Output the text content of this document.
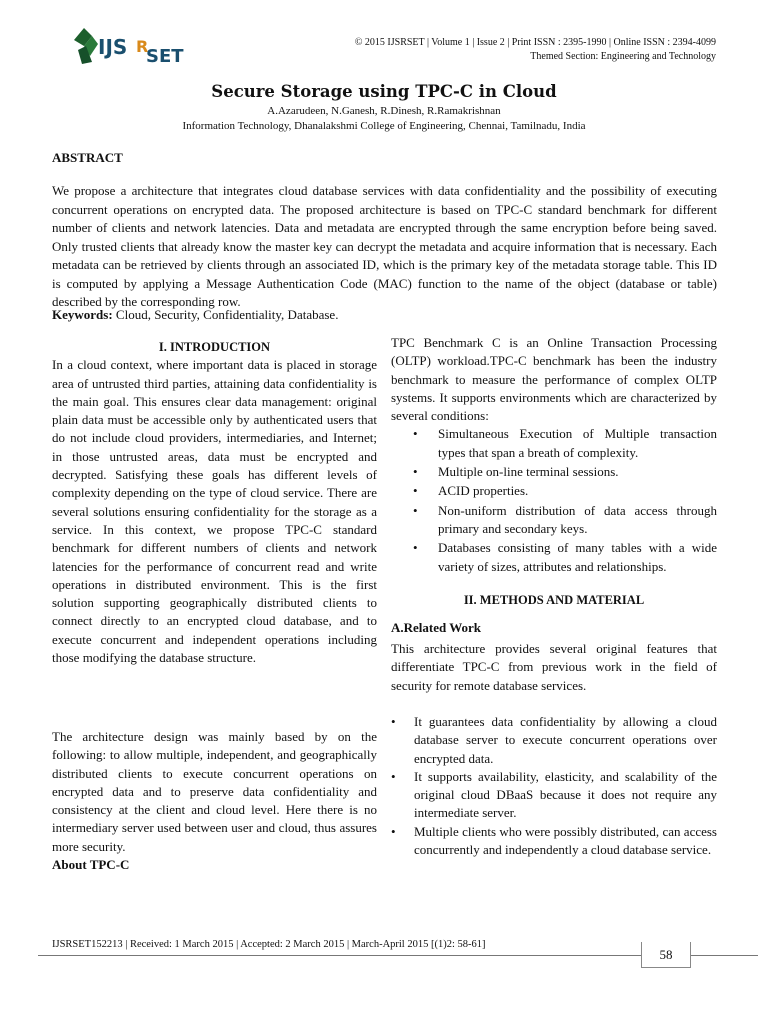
IJS R
SET
© 2015 IJSRSET | Volume 1 | Issue 2 | Print ISSN : 2395-1990 | Online ISSN : 2394-4099
Themed Section: Engineering and Technology
Secure Storage using TPC-C in Cloud
A.Azarudeen, N.Ganesh, R.Dinesh, R.Ramakrishnan
Information Technology, Dhanalakshmi College of Engineering, Chennai, Tamilnadu, India
ABSTRACT
We propose a architecture that integrates cloud database services with data confidentiality and the possibility of executing concurrent operations on encrypted data. The proposed architecture is based on TPC-C standard benchmark for different number of clients and network latencies. Data and metadata are encrypted through the same encryption before being saved. Only trusted clients that already know the master key can decrypt the metadata and acquire information that is necessary. Each metadata can be retrieved by clients through an associated ID, which is the primary key of the metadata storage table. This ID is computed by applying a Message Authentication Code (MAC) function to the name of the object (database or table) described by the corresponding row.
Keywords: Cloud, Security, Confidentiality, Database.
I. INTRODUCTION
In a cloud context, where important data is placed in storage area of untrusted third parties, attaining data confidentiality is the main goal. This ensures clear data management: original plain data must be accessible only by authenticated users that do not include cloud providers, intermediaries, and Internet; in those untrusted areas, data must be encrypted and decrypted. Satisfying these goals has different levels of complexity depending on the type of cloud service. There are several solutions ensuring confidentiality for the storage as a service. In this context, we propose TPC-C standard benchmark for different numbers of clients and network latencies for the performance of concurrent read and write operations in distributed environment. This is the first solution supporting geographically distributed clients to connect directly to an encrypted cloud database, and to execute concurrent and independent operations including those modifying the database structure.
The architecture design was mainly based by on the following: to allow multiple, independent, and geographically distributed clients to execute concurrent operations on encrypted data and to preserve data confidentiality and consistency at the client and cloud level. Here there is no intermediary server used between user and cloud, thus assures more security.
About TPC-C
TPC Benchmark C is an Online Transaction Processing (OLTP) workload.TPC-C benchmark has been the industry benchmark to measure the performance of complex OLTP systems. It supports environments which are characterized by several conditions:
• Simultaneous Execution of Multiple transaction types that span a breath of complexity.
• Multiple on-line terminal sessions.
• ACID properties.
• Non-uniform distribution of data access through primary and secondary keys.
• Databases consisting of many tables with a wide variety of sizes, attributes and relationships.
II. METHODS AND MATERIAL
A.Related Work
This architecture provides several original features that differentiate TPC-C from previous work in the field of security for remote database services.
• It guarantees data confidentiality by allowing a cloud database server to execute concurrent operations over encrypted data.
• It supports availability, elasticity, and scalability of the original cloud DBaaS because it does not require any intermediate server.
• Multiple clients who were possibly distributed, can access concurrently and independently a cloud database service.
IJSRSET152213 | Received: 1 March 2015 | Accepted: 2 March 2015 | March-April 2015 [(1)2: 58-61]
58
